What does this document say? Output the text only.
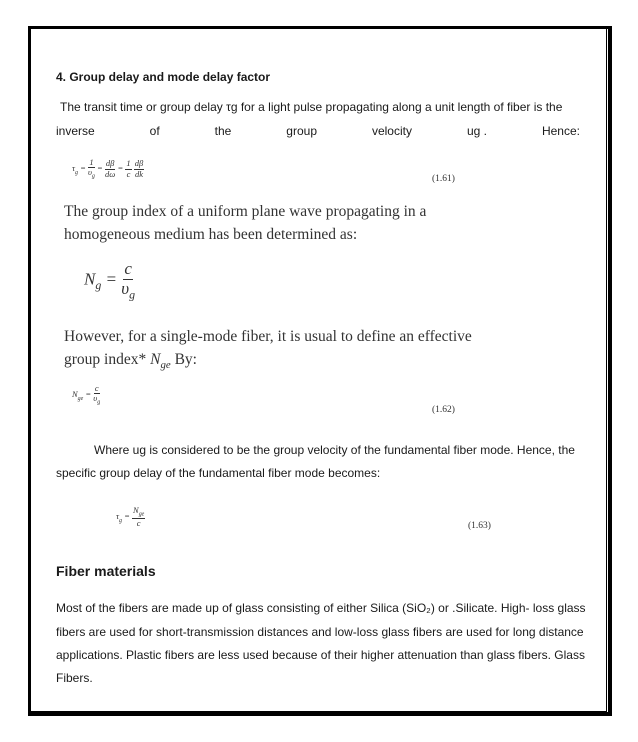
4. Group delay and mode delay factor
The transit time or group delay τg for a light pulse propagating along a unit length of fiber is the
inverse	of	the	group	velocity	ug .	Hence:
$\tau_g = \frac{1}{\upsilon_g} = \frac{d\beta}{d\omega} = \frac{1}{c}$
$\frac{d\beta}{dk}$	(1.61)
The group index of a uniform plane wave propagating in a
homogeneous medium has been determined as:
$N_g = \frac{c}{\upsilon_g}$
However, for a single-mode fiber, it is usual to define an effective
group index* $N_{ge}$ By:
$N_{ge} = \frac{c}{\upsilon_g}$
(1.62)
Where ug is considered to be the group velocity of the fundamental fiber mode. Hence, the
specific group delay of the fundamental fiber mode becomes:
$\tau_g = \frac{N_{ge}}{c}$	(1.63)
Fiber materials
Most of the fibers are made up of glass consisting of either Silica (SiO₂) or .Silicate. High- loss glass
fibers are used for short-transmission distances and low-loss glass fibers are used for long distance
applications. Plastic fibers are less used because of their higher attenuation than glass fibers. Glass
Fibers.
